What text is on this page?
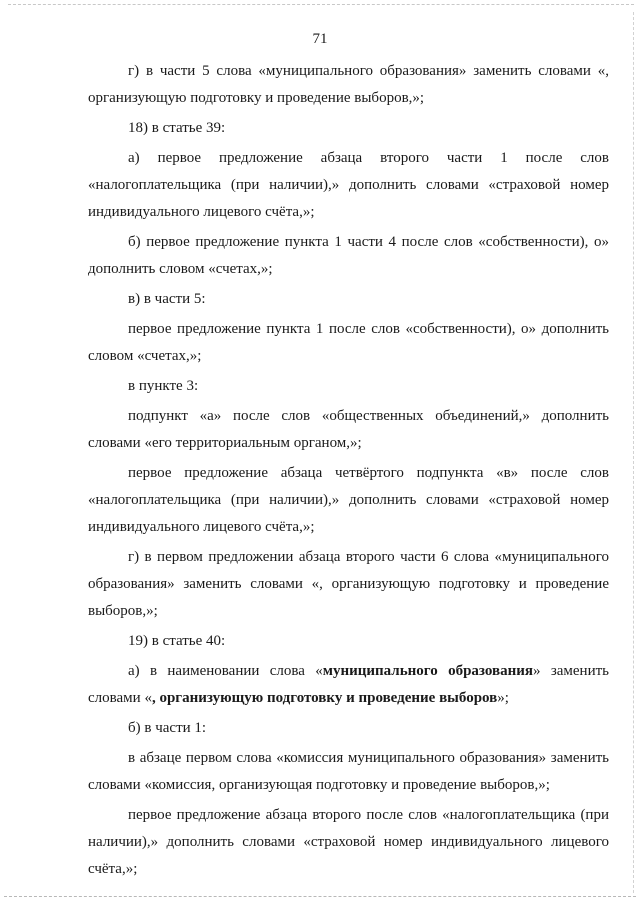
71

г) в части 5 слова «муниципального образования» заменить словами «, организующую подготовку и проведение выборов,»;

18) в статье 39:

а) первое предложение абзаца второго части 1 после слов «налогоплательщика (при наличии),» дополнить словами «страховой номер индивидуального лицевого счёта,»;

б) первое предложение пункта 1 части 4 после слов «собственности), о» дополнить словом «счетах,»;

в) в части 5:

первое предложение пункта 1 после слов «собственности), о» дополнить словом «счетах,»;

в пункте 3:

подпункт «а» после слов «общественных объединений,» дополнить словами «его территориальным органом,»;

первое предложение абзаца четвёртого подпункта «в» после слов «налогоплательщика (при наличии),» дополнить словами «страховой номер индивидуального лицевого счёта,»;

г) в первом предложении абзаца второго части 6 слова «муниципального образования» заменить словами «, организующую подготовку и проведение выборов,»;

19) в статье 40:

а) в наименовании слова «муниципального образования» заменить словами «, организующую подготовку и проведение выборов»;

б) в части 1:

в абзаце первом слова «комиссия муниципального образования» заменить словами «комиссия, организующая подготовку и проведение выборов,»;

первое предложение абзаца второго после слов «налогоплательщика (при наличии),» дополнить словами «страховой номер индивидуального лицевого счёта,»;
